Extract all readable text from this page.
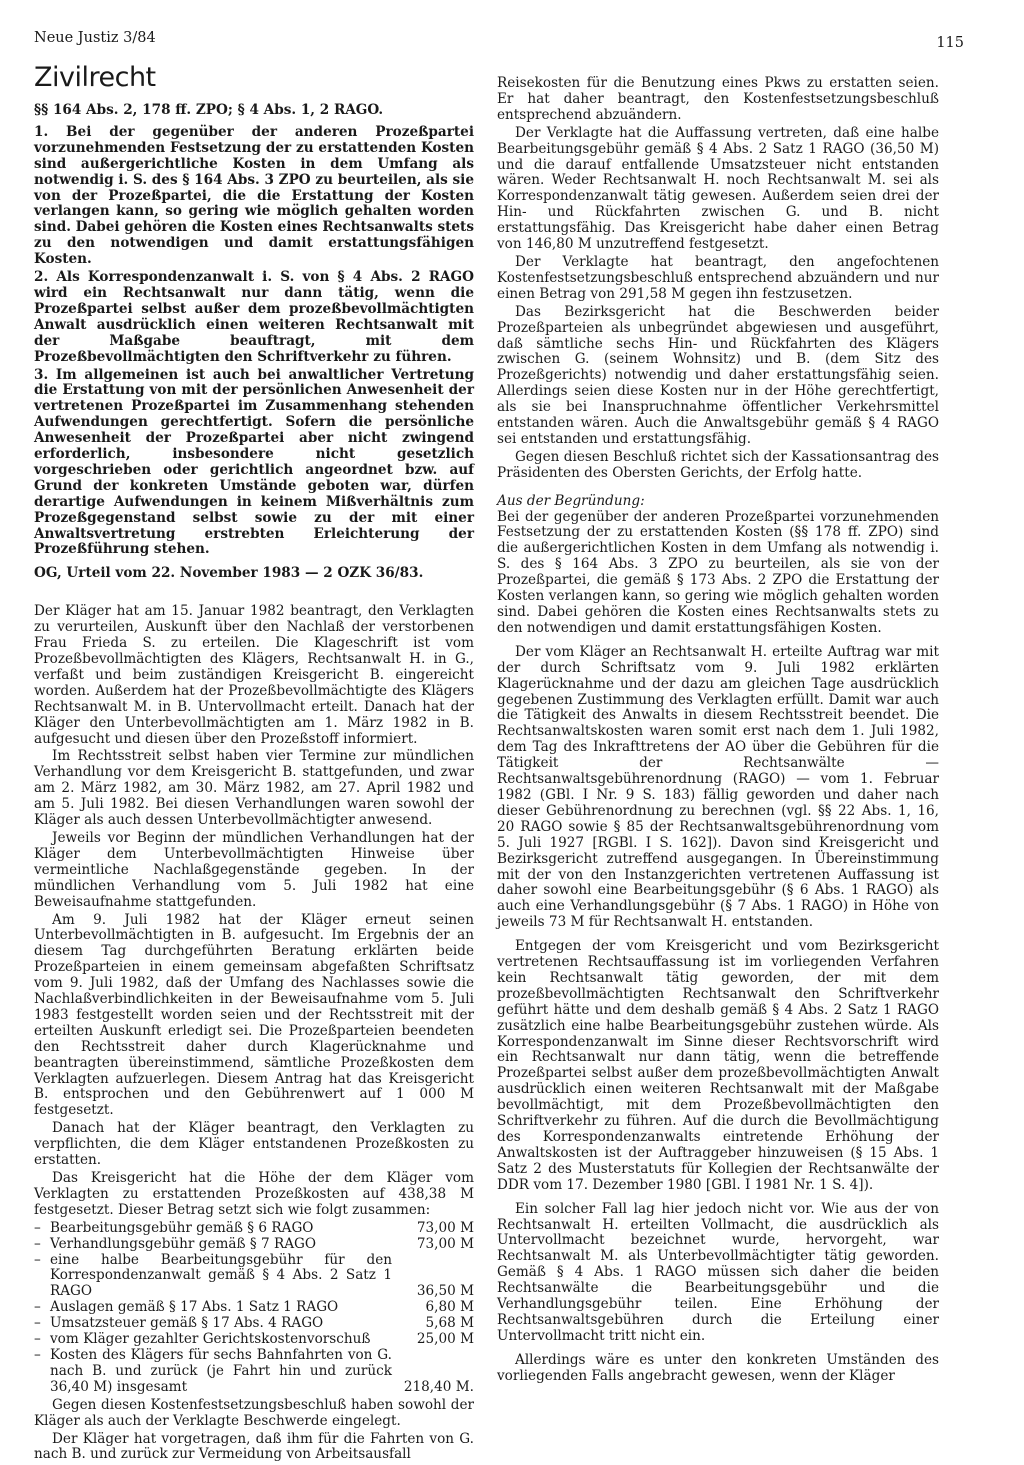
Neue Justiz 3/84	115
Zivilrecht

§§ 164 Abs. 2, 178 ff. ZPO; § 4 Abs. 1, 2 RAGO.

1. Bei der gegenüber der anderen Prozeßpartei vorzunehmenden Festsetzung der zu erstattenden Kosten sind außergerichtliche Kosten in dem Umfang als notwendig i. S. des § 164 Abs. 3 ZPO zu beurteilen, als sie von der Prozeßpartei, die die Erstattung der Kosten verlangen kann, so gering wie möglich gehalten worden sind. Dabei gehören die Kosten eines Rechtsanwalts stets zu den notwendigen und damit erstattungsfähigen Kosten.

2. Als Korrespondenzanwalt i. S. von § 4 Abs. 2 RAGO wird ein Rechtsanwalt nur dann tätig, wenn die Prozeßpartei selbst außer dem prozeßbevollmächtigten Anwalt ausdrücklich einen weiteren Rechtsanwalt mit der Maßgabe beauftragt, mit dem Prozeßbevollmächtigten den Schriftverkehr zu führen.

3. Im allgemeinen ist auch bei anwaltlicher Vertretung die Erstattung von mit der persönlichen Anwesenheit der vertretenen Prozeßpartei im Zusammenhang stehenden Aufwendungen gerechtfertigt. Sofern die persönliche Anwesenheit der Prozeßpartei aber nicht zwingend erforderlich, insbesondere nicht gesetzlich vorgeschrieben oder gerichtlich angeordnet bzw. auf Grund der konkreten Umstände geboten war, dürfen derartige Aufwendungen in keinem Mißverhältnis zum Prozeßgegenstand selbst sowie zu der mit einer Anwaltsvertretung erstrebten Erleichterung der Prozeßführung stehen.

OG, Urteil vom 22. November 1983 — 2 OZK 36/83.

Der Kläger hat am 15. Januar 1982 beantragt, den Verklagten zu verurteilen, Auskunft über den Nachlaß der verstorbenen Frau Frieda S. zu erteilen. Die Klageschrift ist vom Prozeßbevollmächtigten des Klägers, Rechtsanwalt H. in G., verfaßt und beim zuständigen Kreisgericht B. eingereicht worden. Außerdem hat der Prozeßbevollmächtigte des Klägers Rechtsanwalt M. in B. Untervollmacht erteilt. Danach hat der Kläger den Unterbevollmächtigten am 1. März 1982 in B. aufgesucht und diesen über den Prozeßstoff informiert.

Im Rechtsstreit selbst haben vier Termine zur mündlichen Verhandlung vor dem Kreisgericht B. stattgefunden, und zwar am 2. März 1982, am 30. März 1982, am 27. April 1982 und am 5. Juli 1982. Bei diesen Verhandlungen waren sowohl der Kläger als auch dessen Unterbevollmächtigter anwesend.

Jeweils vor Beginn der mündlichen Verhandlungen hat der Kläger dem Unterbevollmächtigten Hinweise über vermeintliche Nachlaßgegenstände gegeben. In der mündlichen Verhandlung vom 5. Juli 1982 hat eine Beweisaufnahme stattgefunden.

Am 9. Juli 1982 hat der Kläger erneut seinen Unterbevollmächtigten in B. aufgesucht. Im Ergebnis der an diesem Tag durchgeführten Beratung erklärten beide Prozeßparteien in einem gemeinsam abgefaßten Schriftsatz vom 9. Juli 1982, daß der Umfang des Nachlasses sowie die Nachlaßverbindlichkeiten in der Beweisaufnahme vom 5. Juli 1983 festgestellt worden seien und der Rechtsstreit mit der erteilten Auskunft erledigt sei. Die Prozeßparteien beendeten den Rechtsstreit daher durch Klagerücknahme und beantragten übereinstimmend, sämtliche Prozeßkosten dem Verklagten aufzuerlegen. Diesem Antrag hat das Kreisgericht B. entsprochen und den Gebührenwert auf 1 000 M festgesetzt.

Danach hat der Kläger beantragt, den Verklagten zu verpflichten, die dem Kläger entstandenen Prozeßkosten zu erstatten.

Das Kreisgericht hat die Höhe der dem Kläger vom Verklagten zu erstattenden Prozeßkosten auf 438,38 M festgesetzt. Dieser Betrag setzt sich wie folgt zusammen:

– Bearbeitungsgebühr gemäß § 6 RAGO	73,00 M
– Verhandlungsgebühr gemäß § 7 RAGO	73,00 M
– eine halbe Bearbeitungsgebühr für den Korrespondenzanwalt gemäß § 4 Abs. 2 Satz 1 RAGO	36,50 M
– Auslagen gemäß § 17 Abs. 1 Satz 1 RAGO	6,80 M
– Umsatzsteuer gemäß § 17 Abs. 4 RAGO	5,68 M
– vom Kläger gezahlter Gerichtskostenvorschuß	25,00 M
– Kosten des Klägers für sechs Bahnfahrten von G. nach B. und zurück (je Fahrt hin und zurück 36,40 M) insgesamt	218,40 M.

Gegen diesen Kostenfestsetzungsbeschluß haben sowohl der Kläger als auch der Verklagte Beschwerde eingelegt.

Der Kläger hat vorgetragen, daß ihm für die Fahrten von G. nach B. und zurück zur Vermeidung von Arbeitsausfall

Reisekosten für die Benutzung eines Pkws zu erstatten seien. Er hat daher beantragt, den Kostenfestsetzungsbeschluß entsprechend abzuändern.

Der Verklagte hat die Auffassung vertreten, daß eine halbe Bearbeitungsgebühr gemäß § 4 Abs. 2 Satz 1 RAGO (36,50 M) und die darauf entfallende Umsatzsteuer nicht entstanden wären. Weder Rechtsanwalt H. noch Rechtsanwalt M. sei als Korrespondenzanwalt tätig gewesen. Außerdem seien drei der Hin- und Rückfahrten zwischen G. und B. nicht erstattungsfähig. Das Kreisgericht habe daher einen Betrag von 146,80 M unzutreffend festgesetzt.

Der Verklagte hat beantragt, den angefochtenen Kostenfestsetzungsbeschluß entsprechend abzuändern und nur einen Betrag von 291,58 M gegen ihn festzusetzen.

Das Bezirksgericht hat die Beschwerden beider Prozeßparteien als unbegründet abgewiesen und ausgeführt, daß sämtliche sechs Hin- und Rückfahrten des Klägers zwischen G. (seinem Wohnsitz) und B. (dem Sitz des Prozeßgerichts) notwendig und daher erstattungsfähig seien. Allerdings seien diese Kosten nur in der Höhe gerechtfertigt, als sie bei Inanspruchnahme öffentlicher Verkehrsmittel entstanden wären. Auch die Anwaltsgebühr gemäß § 4 RAGO sei entstanden und erstattungsfähig.

Gegen diesen Beschluß richtet sich der Kassationsantrag des Präsidenten des Obersten Gerichts, der Erfolg hatte.

Aus der Begründung:

Bei der gegenüber der anderen Prozeßpartei vorzunehmenden Festsetzung der zu erstattenden Kosten (§§ 178 ff. ZPO) sind die außergerichtlichen Kosten in dem Umfang als notwendig i. S. des § 164 Abs. 3 ZPO zu beurteilen, als sie von der Prozeßpartei, die gemäß § 173 Abs. 2 ZPO die Erstattung der Kosten verlangen kann, so gering wie möglich gehalten worden sind. Dabei gehören die Kosten eines Rechtsanwalts stets zu den notwendigen und damit erstattungsfähigen Kosten.

Der vom Kläger an Rechtsanwalt H. erteilte Auftrag war mit der durch Schriftsatz vom 9. Juli 1982 erklärten Klagerücknahme und der dazu am gleichen Tage ausdrücklich gegebenen Zustimmung des Verklagten erfüllt. Damit war auch die Tätigkeit des Anwalts in diesem Rechtsstreit beendet. Die Rechtsanwaltskosten waren somit erst nach dem 1. Juli 1982, dem Tag des Inkrafttretens der AO über die Gebühren für die Tätigkeit der Rechtsanwälte — Rechtsanwaltsgebührenordnung (RAGO) — vom 1. Februar 1982 (GBl. I Nr. 9 S. 183) fällig geworden und daher nach dieser Gebührenordnung zu berechnen (vgl. §§ 22 Abs. 1, 16, 20 RAGO sowie § 85 der Rechtsanwaltsgebührenordnung vom 5. Juli 1927 [RGBl. I S. 162]). Davon sind Kreisgericht und Bezirksgericht zutreffend ausgegangen. In Übereinstimmung mit der von den Instanzgerichten vertretenen Auffassung ist daher sowohl eine Bearbeitungsgebühr (§ 6 Abs. 1 RAGO) als auch eine Verhandlungsgebühr (§ 7 Abs. 1 RAGO) in Höhe von jeweils 73 M für Rechtsanwalt H. entstanden.

Entgegen der vom Kreisgericht und vom Bezirksgericht vertretenen Rechtsauffassung ist im vorliegenden Verfahren kein Rechtsanwalt tätig geworden, der mit dem prozeßbevollmächtigten Rechtsanwalt den Schriftverkehr geführt hätte und dem deshalb gemäß § 4 Abs. 2 Satz 1 RAGO zusätzlich eine halbe Bearbeitungsgebühr zustehen würde. Als Korrespondenzanwalt im Sinne dieser Rechtsvorschrift wird ein Rechtsanwalt nur dann tätig, wenn die betreffende Prozeßpartei selbst außer dem prozeßbevollmächtigten Anwalt ausdrücklich einen weiteren Rechtsanwalt mit der Maßgabe bevollmächtigt, mit dem Prozeßbevollmächtigten den Schriftverkehr zu führen. Auf die durch die Bevollmächtigung des Korrespondenzanwalts eintretende Erhöhung der Anwaltskosten ist der Auftraggeber hinzuweisen (§ 15 Abs. 1 Satz 2 des Musterstatuts für Kollegien der Rechtsanwälte der DDR vom 17. Dezember 1980 [GBl. I 1981 Nr. 1 S. 4]).

Ein solcher Fall lag hier jedoch nicht vor. Wie aus der von Rechtsanwalt H. erteilten Vollmacht, die ausdrücklich als Untervollmacht bezeichnet wurde, hervorgeht, war Rechtsanwalt M. als Unterbevollmächtigter tätig geworden. Gemäß § 4 Abs. 1 RAGO müssen sich daher die beiden Rechtsanwälte die Bearbeitungsgebühr und die Verhandlungsgebühr teilen. Eine Erhöhung der Rechtsanwaltsgebühren durch die Erteilung einer Untervollmacht tritt nicht ein.

Allerdings wäre es unter den konkreten Umständen des vorliegenden Falls angebracht gewesen, wenn der Kläger
